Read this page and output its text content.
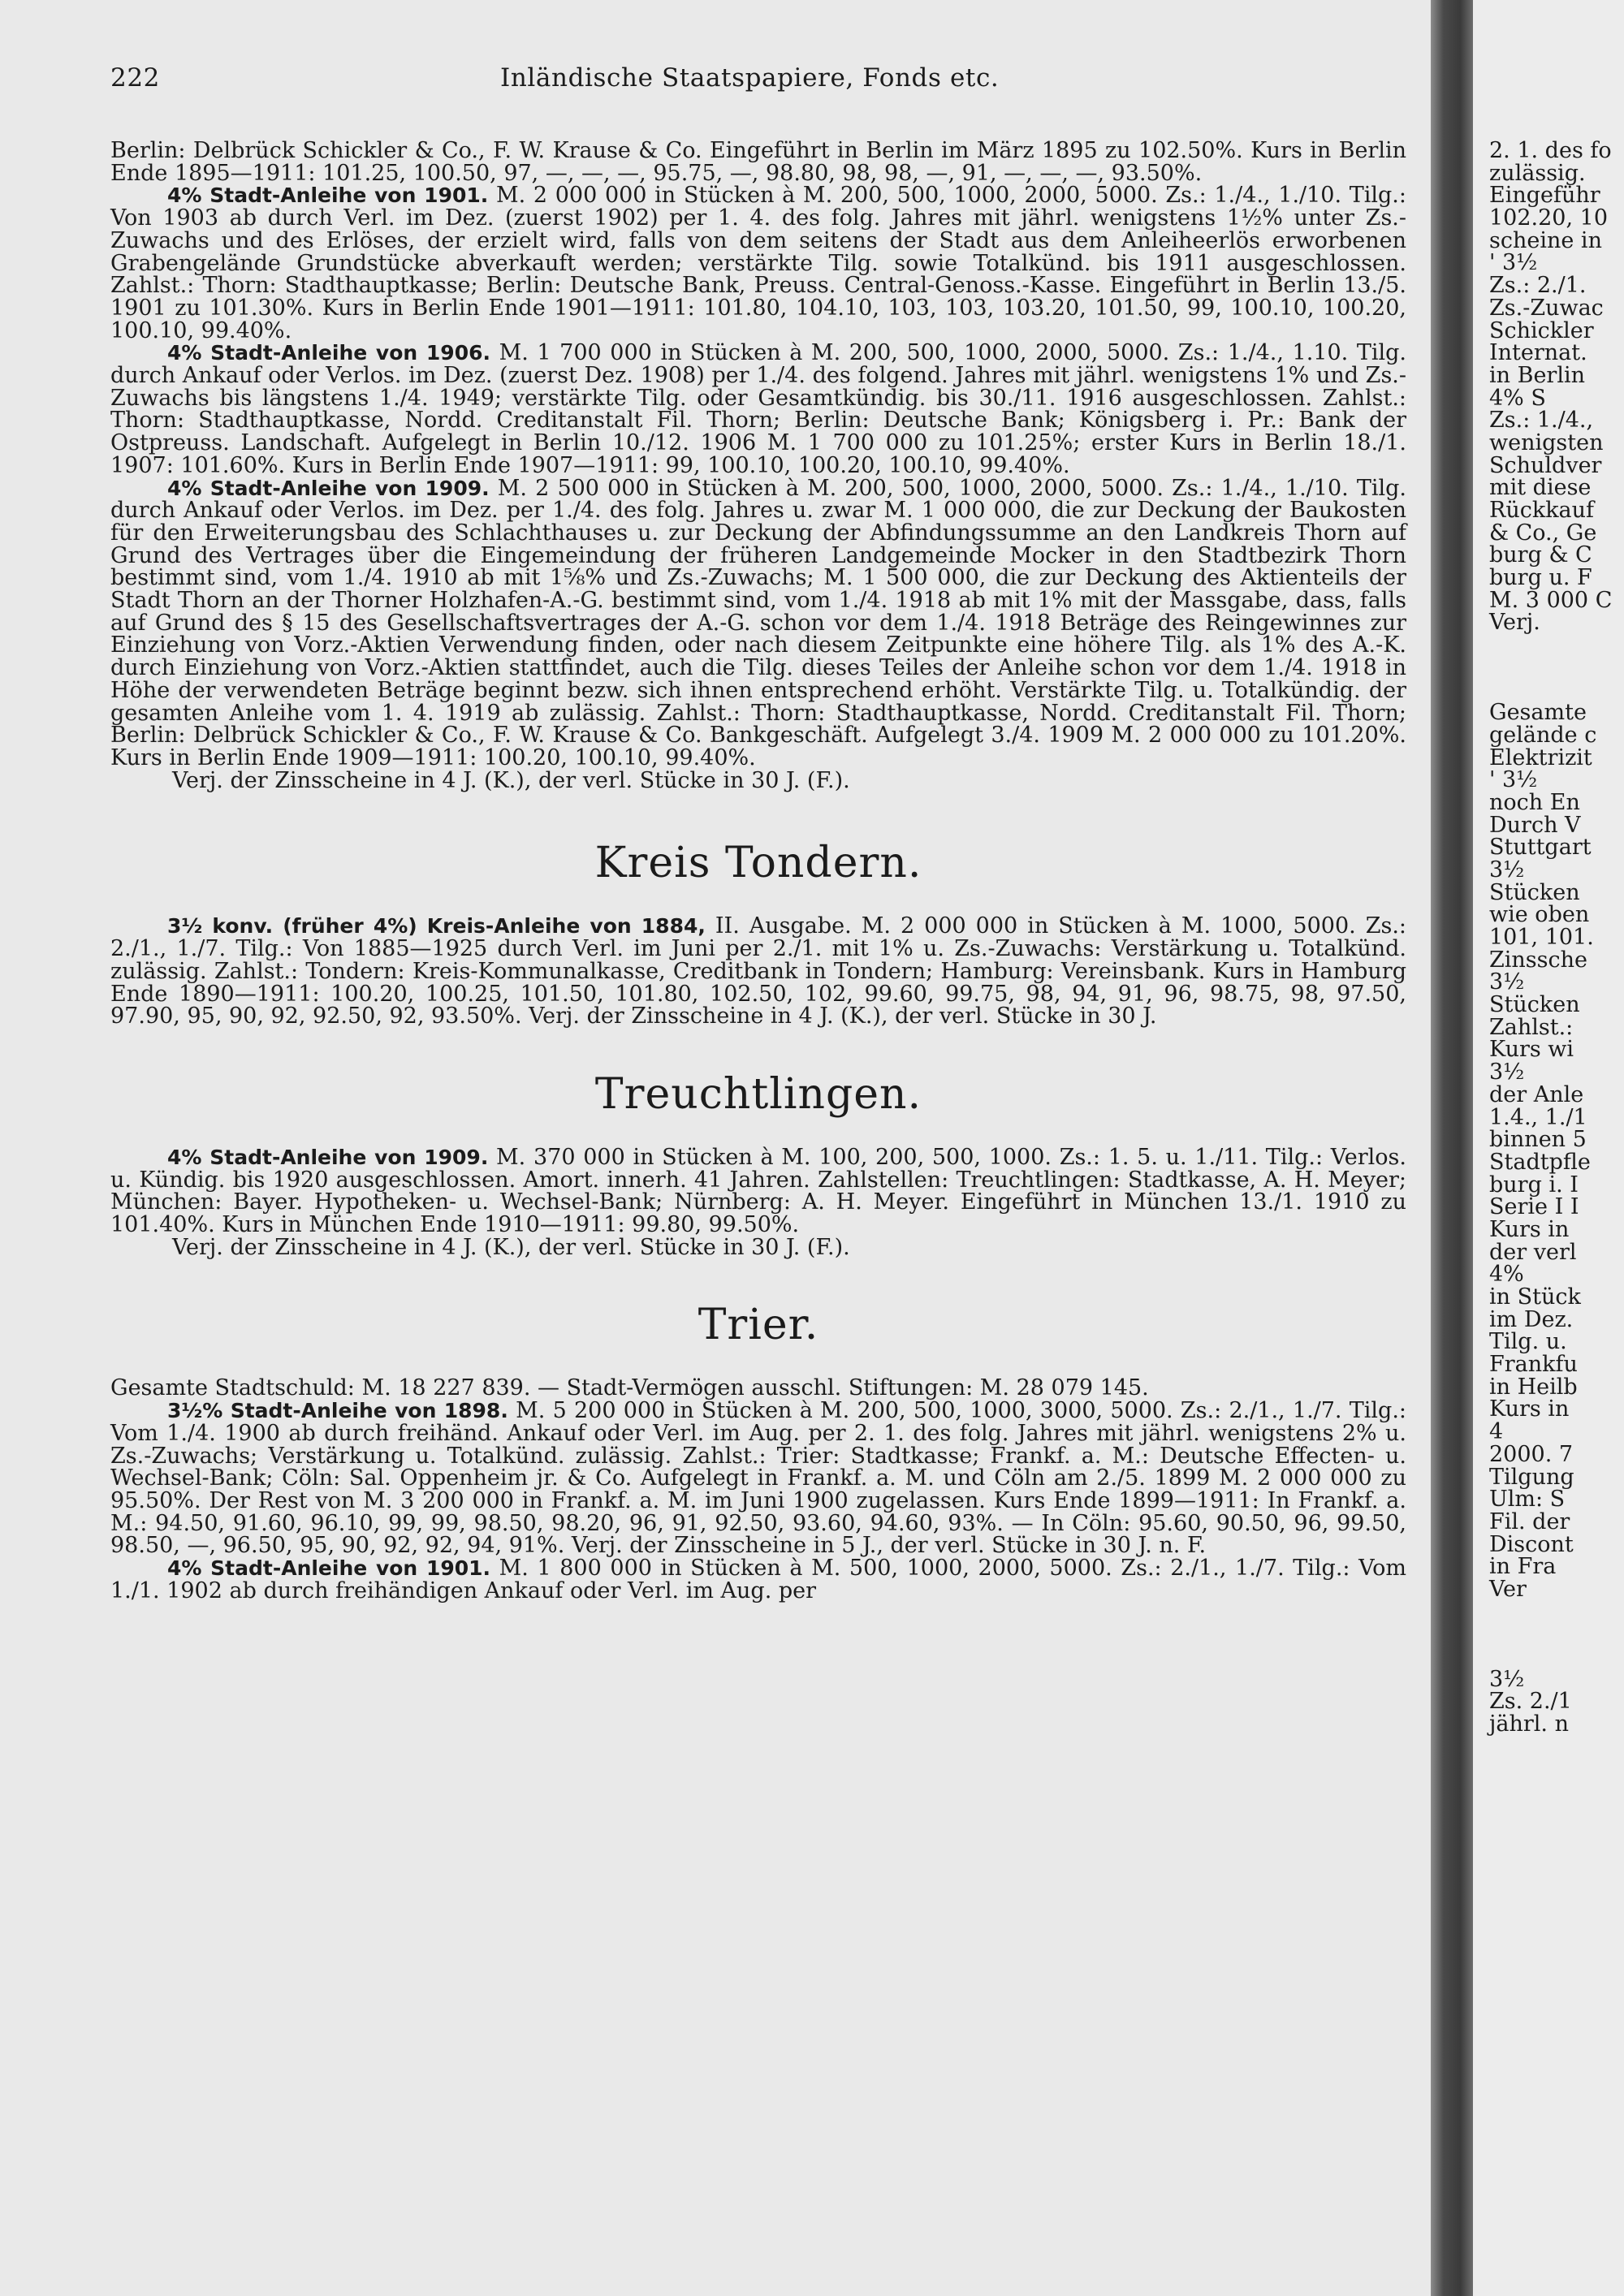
222	Inländische Staatspapiere, Fonds etc.

Berlin: Delbrück Schickler & Co., F. W. Krause & Co. Eingeführt in Berlin im März 1895 zu 102.50%. Kurs in Berlin Ende 1895—1911: 101.25, 100.50, 97, —, —, —, 95.75, —, 98.80, 98, 98, —, 91, —, —, —, 93.50%.

4% Stadt-Anleihe von 1901. M. 2 000 000 in Stücken à M. 200, 500, 1000, 2000, 5000. Zs.: 1./4., 1./10. Tilg.: Von 1903 ab durch Verl. im Dez. (zuerst 1902) per 1. 4. des folg. Jahres mit jährl. wenigstens 1½% unter Zs.-Zuwachs und des Erlöses, der erzielt wird, falls von dem seitens der Stadt aus dem Anleiheerlös erworbenen Grabengelände Grundstücke abverkauft werden; verstärkte Tilg. sowie Totalkünd. bis 1911 ausgeschlossen. Zahlst.: Thorn: Stadthauptkasse; Berlin: Deutsche Bank, Preuss. Central-Genoss.-Kasse. Eingeführt in Berlin 13./5. 1901 zu 101.30%. Kurs in Berlin Ende 1901—1911: 101.80, 104.10, 103, 103, 103.20, 101.50, 99, 100.10, 100.20, 100.10, 99.40%.

4% Stadt-Anleihe von 1906. M. 1 700 000 in Stücken à M. 200, 500, 1000, 2000, 5000. Zs.: 1./4., 1.10. Tilg. durch Ankauf oder Verlos. im Dez. (zuerst Dez. 1908) per 1./4. des folgend. Jahres mit jährl. wenigstens 1% und Zs.-Zuwachs bis längstens 1./4. 1949; verstärkte Tilg. oder Gesamtkündig. bis 30./11. 1916 ausgeschlossen. Zahlst.: Thorn: Stadthauptkasse, Nordd. Creditanstalt Fil. Thorn; Berlin: Deutsche Bank; Königsberg i. Pr.: Bank der Ostpreuss. Landschaft. Aufgelegt in Berlin 10./12. 1906 M. 1 700 000 zu 101.25%; erster Kurs in Berlin 18./1. 1907: 101.60%. Kurs in Berlin Ende 1907—1911: 99, 100.10, 100.20, 100.10, 99.40%.

4% Stadt-Anleihe von 1909. M. 2 500 000 in Stücken à M. 200, 500, 1000, 2000, 5000. Zs.: 1./4., 1./10. Tilg. durch Ankauf oder Verlos. im Dez. per 1./4. des folg. Jahres u. zwar M. 1 000 000, die zur Deckung der Baukosten für den Erweiterungsbau des Schlachthauses u. zur Deckung der Abfindungssumme an den Landkreis Thorn auf Grund des Vertrages über die Eingemeindung der früheren Landgemeinde Mocker in den Stadtbezirk Thorn bestimmt sind, vom 1./4. 1910 ab mit 1⅝% und Zs.-Zuwachs; M. 1 500 000, die zur Deckung des Aktienteils der Stadt Thorn an der Thorner Holzhafen-A.-G. bestimmt sind, vom 1./4. 1918 ab mit 1% mit der Massgabe, dass, falls auf Grund des § 15 des Gesellschaftsvertrages der A.-G. schon vor dem 1./4. 1918 Beträge des Reingewinnes zur Einziehung von Vorz.-Aktien Verwendung finden, oder nach diesem Zeitpunkte eine höhere Tilg. als 1% des A.-K. durch Einziehung von Vorz.-Aktien stattfindet, auch die Tilg. dieses Teiles der Anleihe schon vor dem 1./4. 1918 in Höhe der verwendeten Beträge beginnt bezw. sich ihnen entsprechend erhöht. Verstärkte Tilg. u. Totalkündig. der gesamten Anleihe vom 1. 4. 1919 ab zulässig. Zahlst.: Thorn: Stadthauptkasse, Nordd. Creditanstalt Fil. Thorn; Berlin: Delbrück Schickler & Co., F. W. Krause & Co. Bankgeschäft. Aufgelegt 3./4. 1909 M. 2 000 000 zu 101.20%. Kurs in Berlin Ende 1909—1911: 100.20, 100.10, 99.40%.

Verj. der Zinsscheine in 4 J. (K.), der verl. Stücke in 30 J. (F.).

Kreis Tondern.

3½ konv. (früher 4%) Kreis-Anleihe von 1884, II. Ausgabe. M. 2 000 000 in Stücken à M. 1000, 5000. Zs.: 2./1., 1./7. Tilg.: Von 1885—1925 durch Verl. im Juni per 2./1. mit 1% u. Zs.-Zuwachs: Verstärkung u. Totalkünd. zulässig. Zahlst.: Tondern: Kreis-Kommunalkasse, Creditbank in Tondern; Hamburg: Vereinsbank. Kurs in Hamburg Ende 1890—1911: 100.20, 100.25, 101.50, 101.80, 102.50, 102, 99.60, 99.75, 98, 94, 91, 96, 98.75, 98, 97.50, 97.90, 95, 90, 92, 92.50, 92, 93.50%. Verj. der Zinsscheine in 4 J. (K.), der verl. Stücke in 30 J.

Treuchtlingen.

4% Stadt-Anleihe von 1909. M. 370 000 in Stücken à M. 100, 200, 500, 1000. Zs.: 1. 5. u. 1./11. Tilg.: Verlos. u. Kündig. bis 1920 ausgeschlossen. Amort. innerh. 41 Jahren. Zahlstellen: Treuchtlingen: Stadtkasse, A. H. Meyer; München: Bayer. Hypotheken- u. Wechsel-Bank; Nürnberg: A. H. Meyer. Eingeführt in München 13./1. 1910 zu 101.40%. Kurs in München Ende 1910—1911: 99.80, 99.50%.

Verj. der Zinsscheine in 4 J. (K.), der verl. Stücke in 30 J. (F.).

Trier.

Gesamte Stadtschuld: M. 18 227 839. — Stadt-Vermögen ausschl. Stiftungen: M. 28 079 145.

3½% Stadt-Anleihe von 1898. M. 5 200 000 in Stücken à M. 200, 500, 1000, 3000, 5000. Zs.: 2./1., 1./7. Tilg.: Vom 1./4. 1900 ab durch freihänd. Ankauf oder Verl. im Aug. per 2. 1. des folg. Jahres mit jährl. wenigstens 2% u. Zs.-Zuwachs; Verstärkung u. Totalkünd. zulässig. Zahlst.: Trier: Stadtkasse; Frankf. a. M.: Deutsche Effecten- u. Wechsel-Bank; Cöln: Sal. Oppenheim jr. & Co. Aufgelegt in Frankf. a. M. und Cöln am 2./5. 1899 M. 2 000 000 zu 95.50%. Der Rest von M. 3 200 000 in Frankf. a. M. im Juni 1900 zugelassen. Kurs Ende 1899—1911: In Frankf. a. M.: 94.50, 91.60, 96.10, 99, 99, 98.50, 98.20, 96, 91, 92.50, 93.60, 94.60, 93%. — In Cöln: 95.60, 90.50, 96, 99.50, 98.50, —, 96.50, 95, 90, 92, 92, 94, 91%. Verj. der Zinsscheine in 5 J., der verl. Stücke in 30 J. n. F.

4% Stadt-Anleihe von 1901. M. 1 800 000 in Stücken à M. 500, 1000, 2000, 5000. Zs.: 2./1., 1./7. Tilg.: Vom 1./1. 1902 ab durch freihändigen Ankauf oder Verl. im Aug. per

2. 1. des fo
zulässig.
Eingeführ
102.20, 10
scheine in
' 3½
Zs.: 2./1.
Zs.-Zuwac
Schickler
Internat.
in Berlin
4% S
Zs.: 1./4.,
wenigsten
Schuldver
mit diese
Rückkauf
& Co., Ge
burg & C
burg u. F
M. 3 000 C
Verj.
Gesamte
gelände c
Elektrizit
' 3½
noch En
Durch V
Stuttgart
3½
Stücken
wie oben
101, 101.
Zinssche
3½
Stücken
Zahlst.:
Kurs wi
3½
der Anle
1.4., 1./1
binnen 5
Stadtpfle
burg i. I
Serie I I
Kurs in
der verl
4%
in Stück
im Dez.
Tilg. u.
Frankfu
in Heilb
Kurs in
4
2000. 7
Tilgung
Ulm: S
Fil. der
Discont
in Fra
Ver
3½
Zs. 2./1
jährl. n
